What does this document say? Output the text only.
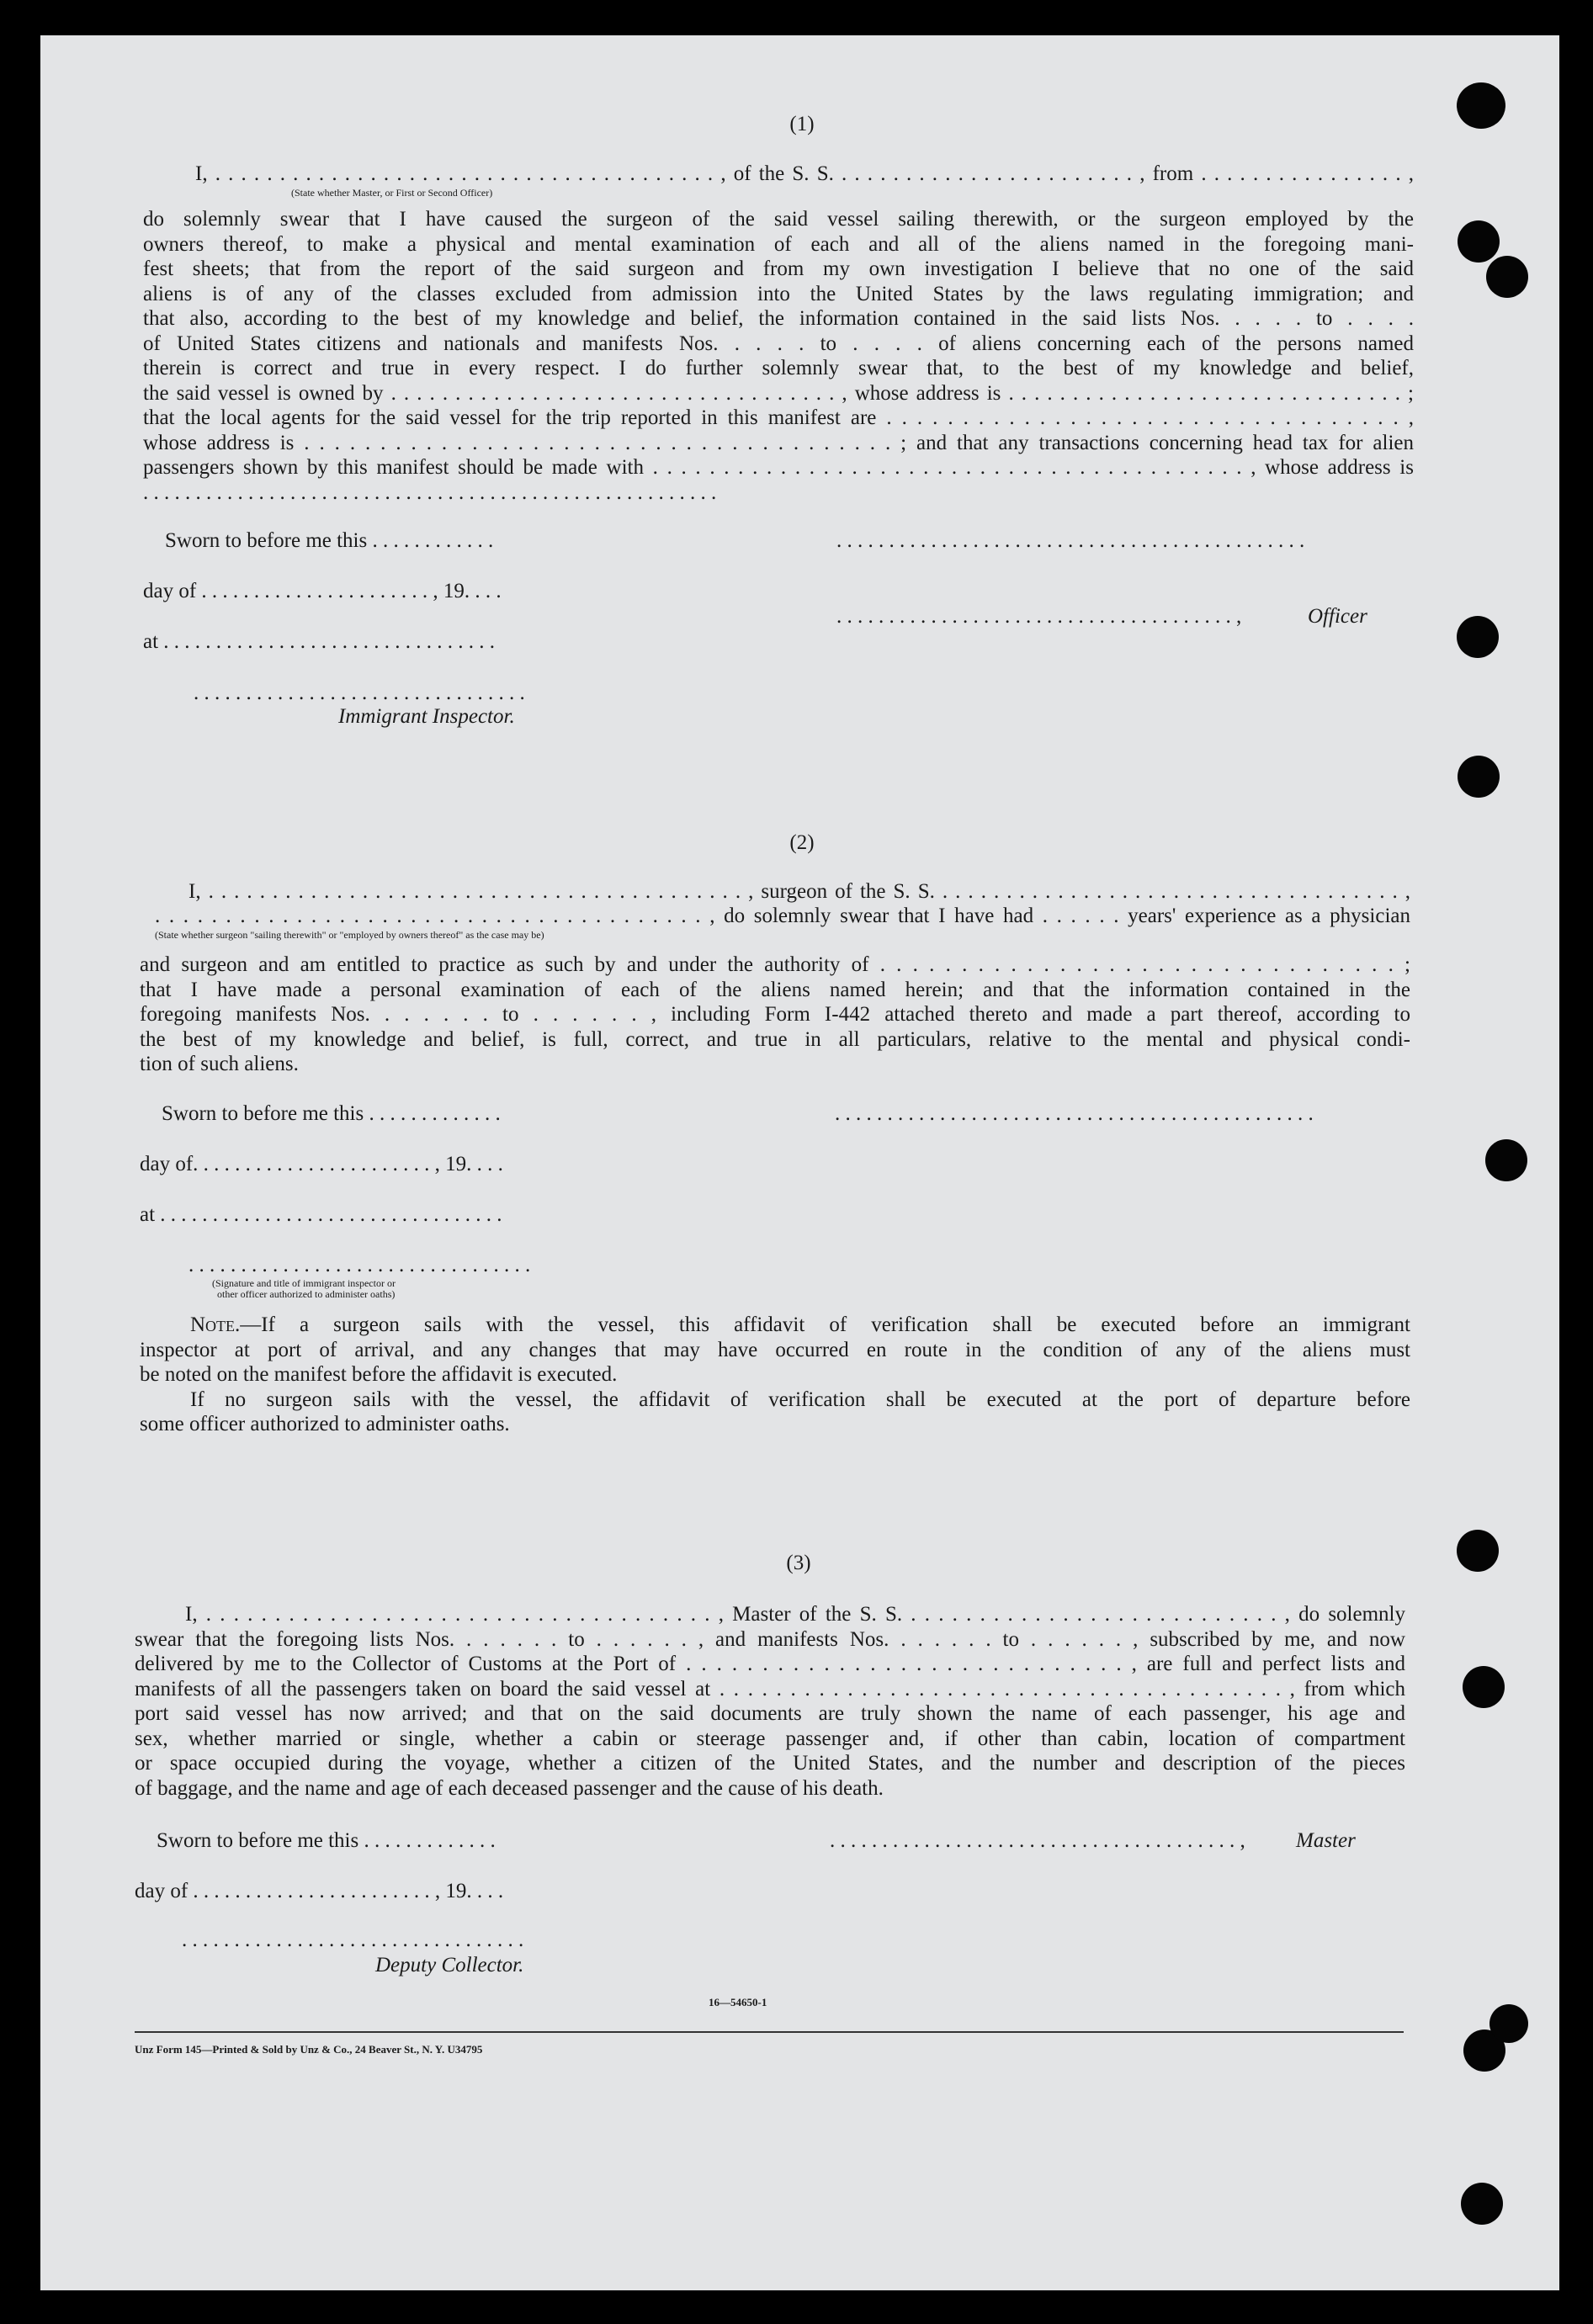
(1)
I, . . . . . . . . . . . . . . . . . . . . . . . . . . . . . . . . . . . . . . . , of the S. S. . . . . . . . . . . . . . . . . . . . . . . . , from . . . . . . . . . . . . . . . . ,
(State whether Master, or First or Second Officer)
do solemnly swear that I have caused the surgeon of the said vessel sailing therewith, or the surgeon employed by the
owners thereof, to make a physical and mental examination of each and all of the aliens named in the foregoing mani-
fest sheets; that from the report of the said surgeon and from my own investigation I believe that no one of the said
aliens is of any of the classes excluded from admission into the United States by the laws regulating immigration; and
that also, according to the best of my knowledge and belief, the information contained in the said lists Nos. . . . . to . . . .
of United States citizens and nationals and manifests Nos. . . . . to . . . . of aliens concerning each of the persons named
therein is correct and true in every respect. I do further solemnly swear that, to the best of my knowledge and belief,
the said vessel is owned by . . . . . . . . . . . . . . . . . . . . . . . . . . . . . . . . . . . , whose address is . . . . . . . . . . . . . . . . . . . . . . . . . . . . . . . ;
that the local agents for the said vessel for the trip reported in this manifest are . . . . . . . . . . . . . . . . . . . . . . . . . . . . . . . . . . ,
whose address is . . . . . . . . . . . . . . . . . . . . . . . . . . . . . . . . . . . . . . . ; and that any transactions concerning head tax for alien
passengers shown by this manifest should be made with . . . . . . . . . . . . . . . . . . . . . . . . . . . . . . . . . . . . . . . . . . , whose address is
. . . . . . . . . . . . . . . . . . . . . . . . . . . . . . . . . . . . . . . . . . . . . . . . . . . . . . .
Sworn to before me this . . . . . . . . . . . .
day of . . . . . . . . . . . . . . . . . . . . . . , 19. . . .
at . . . . . . . . . . . . . . . . . . . . . . . . . . . . . . . .
. . . . . . . . . . . . . . . . . . . . . . . . . . . . . . . .
Immigrant Inspector.
. . . . . . . . . . . . . . . . . . . . . . . . . . . . . . . . . . . . . . . . . . . . .
. . . . . . . . . . . . . . . . . . . . . . . . . . . . . . . . . . . . . . ,	Officer
(2)
I, . . . . . . . . . . . . . . . . . . . . . . . . . . . . . . . . . . . . . . . . . . , surgeon of the S. S. . . . . . . . . . . . . . . . . . . . . . . . . . . . . . . . . . . . . ,
. . . . . . . . . . . . . . . . . . . . . . . . . . . . . . . . . . . . . . . , do solemnly swear that I have had . . . . . . years' experience as a physician
(State whether surgeon "sailing therewith" or "employed by owners thereof" as the case may be)
and surgeon and am entitled to practice as such by and under the authority of . . . . . . . . . . . . . . . . . . . . . . . . . . . . . . . . ;
that I have made a personal examination of each of the aliens named herein; and that the information contained in the
foregoing manifests Nos. . . . . . . to . . . . . . , including Form I-442 attached thereto and made a part thereof, according to
the best of my knowledge and belief, is full, correct, and true in all particulars, relative to the mental and physical condi-
tion of such aliens.
Sworn to before me this . . . . . . . . . . . . .
day of. . . . . . . . . . . . . . . . . . . . . . . , 19. . . .
at . . . . . . . . . . . . . . . . . . . . . . . . . . . . . . . . .
. . . . . . . . . . . . . . . . . . . . . . . . . . . . . . . . .
(Signature and title of immigrant inspector or
other officer authorized to administer oaths)
. . . . . . . . . . . . . . . . . . . . . . . . . . . . . . . . . . . . . . . . . . . . . .
Note.—If a surgeon sails with the vessel, this affidavit of verification shall be executed before an immigrant
inspector at port of arrival, and any changes that may have occurred en route in the condition of any of the aliens must
be noted on the manifest before the affidavit is executed.
If no surgeon sails with the vessel, the affidavit of verification shall be executed at the port of departure before
some officer authorized to administer oaths.
(3)
I, . . . . . . . . . . . . . . . . . . . . . . . . . . . . . . . . . . . . . , Master of the S. S. . . . . . . . . . . . . . . . . . . . . . . . . . . . , do solemnly
swear that the foregoing lists Nos. . . . . . . to . . . . . . , and manifests Nos. . . . . . . to . . . . . . , subscribed by me, and now
delivered by me to the Collector of Customs at the Port of . . . . . . . . . . . . . . . . . . . . . . . . . . . . . , are full and perfect lists and
manifests of all the passengers taken on board the said vessel at . . . . . . . . . . . . . . . . . . . . . . . . . . . . . . . . . . . . . . . . , from which
port said vessel has now arrived; and that on the said documents are truly shown the name of each passenger, his age and
sex, whether married or single, whether a cabin or steerage passenger and, if other than cabin, location of compartment
or space occupied during the voyage, whether a citizen of the United States, and the number and description of the pieces
of baggage, and the name and age of each deceased passenger and the cause of his death.
Sworn to before me this . . . . . . . . . . . . .
day of . . . . . . . . . . . . . . . . . . . . . . . , 19. . . .
. . . . . . . . . . . . . . . . . . . . . . . . . . . . . . . . .
Deputy Collector.
. . . . . . . . . . . . . . . . . . . . . . . . . . . . . . . . . . . . . . . , Master
16—54650-1
Unz Form 145—Printed & Sold by Unz & Co., 24 Beaver St., N. Y. U34795
